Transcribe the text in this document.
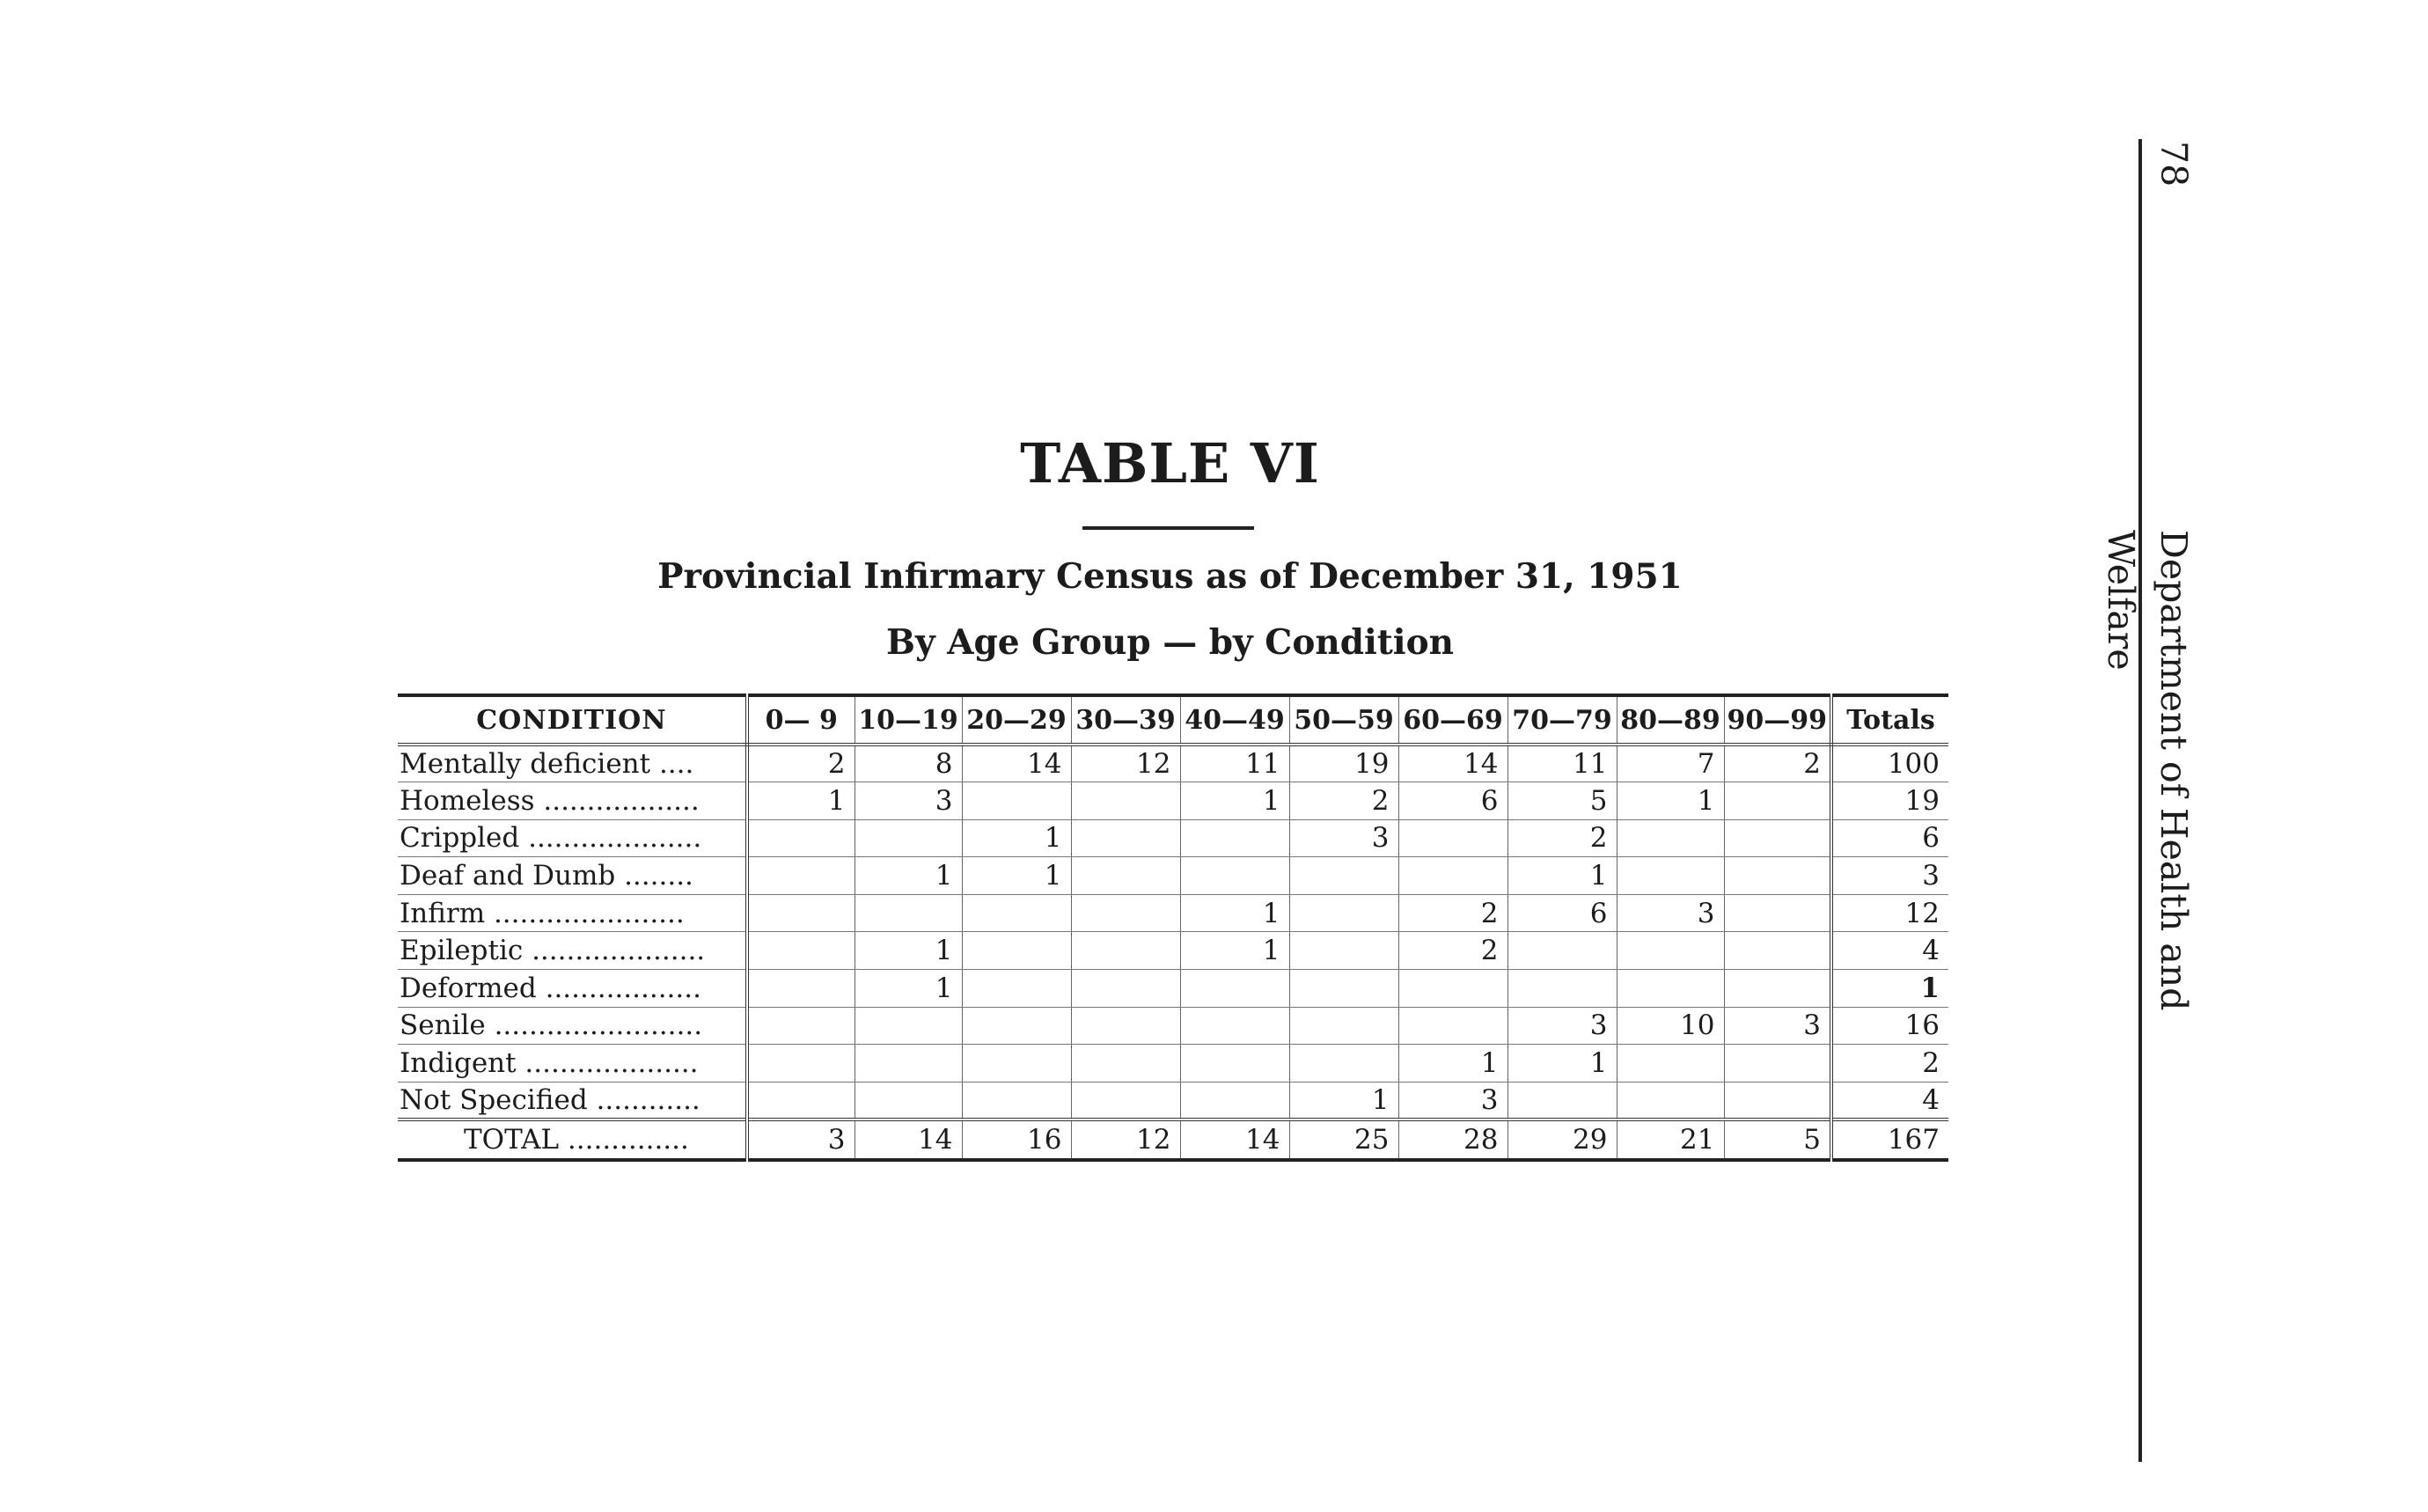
TABLE VI
Provincial Infirmary Census as of December 31, 1951
By Age Group — by Condition
CONDITION	0— 9	10—19	20—29	30—39	40—49	50—59	60—69	70—79	80—89	90—99	Totals
Mentally deficient ....	2	8	14	12	11	19	14	11	7	2	100
Homeless ..................	1	3			1	2	6	5	1		19
Crippled ....................			1			3		2			6
Deaf and Dumb ........		1	1					1			3
Infirm ......................					1		2	6	3		12
Epileptic ....................		1			1		2				4
Deformed ..................		1									1
Senile ........................								3	10	3	16
Indigent ....................							1	1			2
Not Specified ............						1	3				4
TOTAL ..............	3	14	16	12	14	25	28	29	21	5	167
78
Department of Health and Welfare
